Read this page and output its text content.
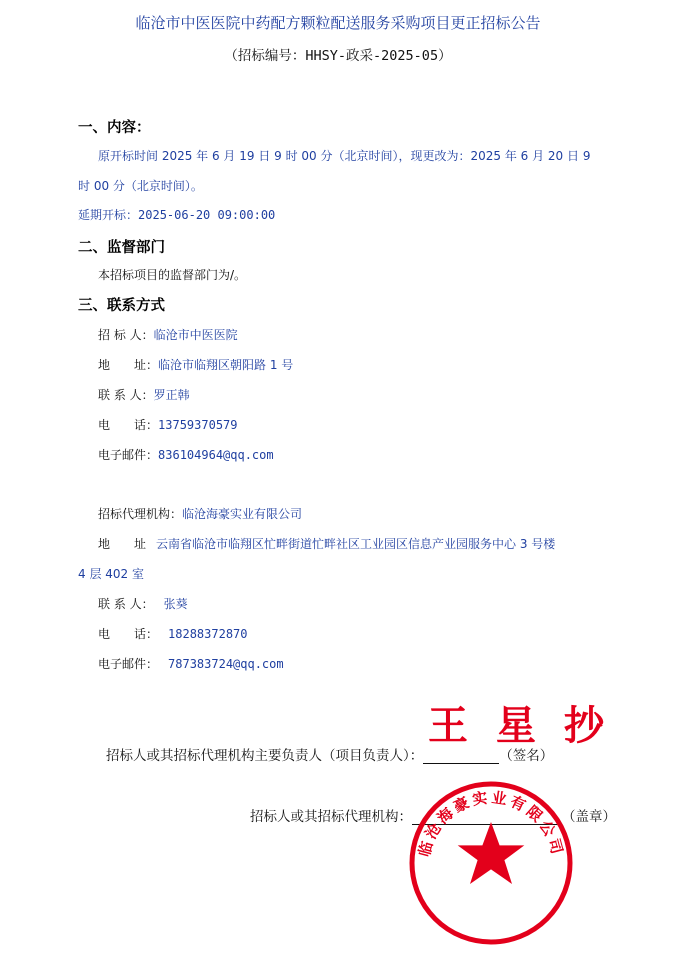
临沧市中医医院中药配方颗粒配送服务采购项目更正招标公告
（招标编号：HHSY-政采-2025-05）
一、内容：
原开标时间 2025 年 6 月 19 日 9 时 00 分（北京时间），现更改为：2025 年 6 月 20 日 9
时 00 分（北京时间）。
延期开标：2025-06-20 09:00:00
二、监督部门
本招标项目的监督部门为/。
三、联系方式
招 标 人：临沧市中医医院
地　　址：临沧市临翔区朝阳路 1 号
联 系 人：罗正韩
电　　话：13759370579
电子邮件：836104964@qq.com
招标代理机构：临沧海豪实业有限公司
地　　址 云南省临沧市临翔区忙畔街道忙畔社区工业园区信息产业园服务中心 3 号楼
4 层 402 室
联 系 人： 张葵
电　　话： 18288372870
电子邮件： 787383724@qq.com
王星抄
招标人或其招标代理机构主要负责人（项目负责人）：	（签名）
招标人或其招标代理机构：	（盖章）
临沧海豪实业有限公司
